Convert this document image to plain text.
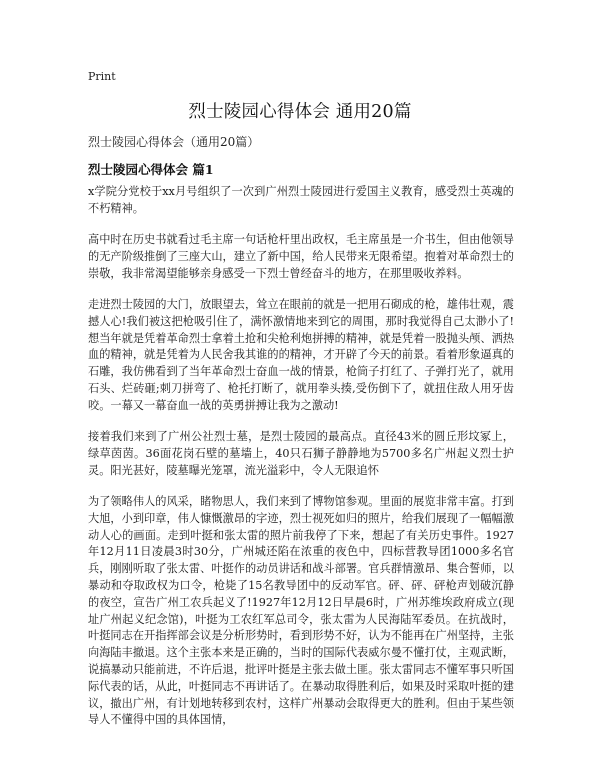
Print
烈士陵园心得体会 通用20篇
烈士陵园心得体会（通用20篇）
烈士陵园心得体会 篇1

x学院分党校于xx月号组织了一次到广州烈士陵园进行爱国主义教育，感受烈士英魂的不朽精神。

高中时在历史书就看过毛主席一句话枪杆里出政权，毛主席虽是一介书生，但由他领导的无产阶级推倒了三座大山，建立了新中国，给人民带来无限希望。抱着对革命烈士的崇敬，我非常渴望能够亲身感受一下烈士曾经奋斗的地方，在那里吸收养料。

走进烈士陵园的大门，放眼望去，耸立在眼前的就是一把用石砌成的枪，雄伟壮观，震撼人心!我们被这把枪吸引住了，满怀激情地来到它的周围，那时我觉得自己太渺小了!想当年就是凭着革命烈士拿着土抢和尖枪利炮拼搏的精神，就是凭着一股抛头颅、洒热血的精神，就是凭着为人民舍我其谁的的精神，才开辟了今天的前景。看着形象逼真的石雕，我仿佛看到了当年革命烈士奋血一战的情景，枪筒子打红了、子弹打光了，就用石头、烂砖砸;刺刀拼弯了、枪托打断了，就用拳头揍,受伤倒下了，就扭住敌人用牙齿咬。一幕又一幕奋血一战的英勇拼搏让我为之激动!

接着我们来到了广州公社烈士墓，是烈士陵园的最高点。直径43米的圆丘形坟冢上，绿草茵茵。36面花岗石壁的墓墙上，40只石狮子静静地为5700多名广州起义烈士护灵。阳光甚好，陵墓曝光笼罩，流光溢彩中，令人无限追怀

为了领略伟人的风采，睹物思人，我们来到了博物馆参观。里面的展览非常丰富。打到大旭，小到印章，伟人慷慨激昂的字迹，烈士视死如归的照片，给我们展现了一幅幅激动人心的画面。走到叶挺和张太雷的照片前我停了下来，想起了有关历史事件。1927年12月11日凌晨3时30分，广州城还陷在浓重的夜色中，四标营教导团1000多名官兵，刚刚听取了张太雷、叶挺作的动员讲话和战斗部署。官兵群情激昂、集合誓师，以暴动和夺取政权为口令，枪毙了15名教导团中的反动军官。砰、砰、砰枪声划破沉静的夜空，宣告广州工农兵起义了!1927年12月12日早晨6时，广州苏维埃政府成立(现址广州起义纪念馆)，叶挺为工农红军总司令，张太雷为人民海陆军委员。在抗战时，叶挺同志在开指挥部会议是分析形势时，看到形势不好，认为不能再在广州坚持，主张向海陆丰撤退。这个主张本来是正确的，当时的国际代表威尔曼不懂打仗，主观武断，说搞暴动只能前进，不许后退，批评叶挺是主张去做土匪。张太雷同志不懂军事只听国际代表的话，从此，叶挺同志不再讲话了。在暴动取得胜利后，如果及时采取叶挺的建议，撤出广州，有计划地转移到农村，这样广州暴动会取得更大的胜利。但由于某些领导人不懂得中国的具体国情，
